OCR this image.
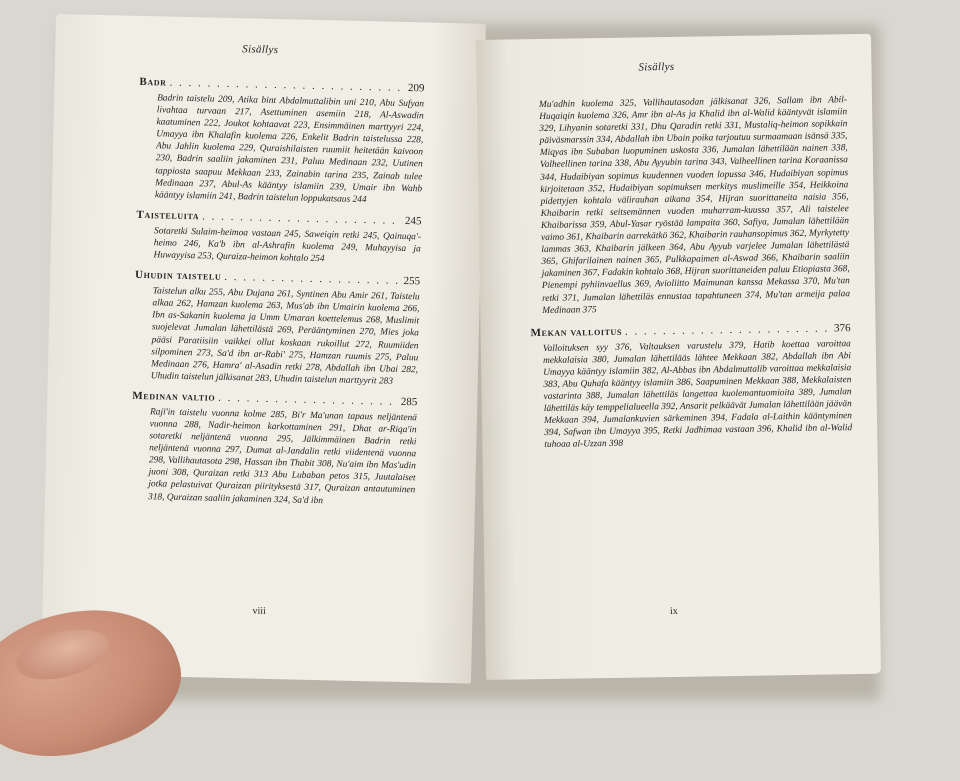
Sisällys
Badr . . .	209
Badrin taistelu 209, Atika bint Abdalmuttalibin uni 210, Abu Sufyan livahtaa turvaan 217, Asettuminen asemiin 218, Al-Aswadin kaatuminen 222, Joukot kohtaavat 223, Ensimmäinen marttyyri 224, Umayya ibn Khalafin kuolema 226, Enkelit Badrin taistelussa 228, Abu Jahlin kuolema 229, Quraishilaisten ruumiit heitetään kaivoon 230, Badrin saaliin jakaminen 231, Paluu Medinaan 232, Uutinen tappiosta saapuu Mekkaan 233, Zainabin tarina 235, Zainab tulee Medinaan 237, Abul-As kääntyy islamiin 239, Umair ibn Wahb kääntyy islamiin 241, Badrin taistelun loppukatsaus 244
Taisteluita . . .	245
Sotaretki Sulaim-heimoa vastaan 245, Saweiqin retki 245, Qainuqa'-heimo 246, Ka'b ibn al-Ashrafin kuolema 249, Muhayyisa ja Huwayyisa 253, Quraiza-heimon kohtalo 254
Uhudin taistelu . . .	255
Taistelun alku 255, Abu Dujana 261, Syntinen Abu Amir 261, Taistelu alkaa 262, Hamzan kuolema 263, Mus'ab ibn Umairin kuolema 266, Ibn as-Sakanin kuolema ja Umm Umaran koettelemus 268, Muslimit suojelevat Jumalan lähettilästä 269, Perääntyminen 270, Mies joka pääsi Paratiisiin vaikkei ollut koskaan rukoillut 272, Ruumiiden silpominen 273, Sa'd ibn ar-Rabi' 275, Hamzan ruumis 275, Paluu Medinaan 276, Hamra' al-Asadin retki 278, Abdallah ibn Ubai 282, Uhudin taistelun jälkisanat 283, Uhudin taistelun marttyyrit 283
Medinan valtio . . .	285
Rajī'in taistelu vuonna kolme 285, Bi'r Ma'unan tapaus neljäntenä vuonna 288, Nadir-heimon karkottaminen 291, Dhat ar-Riqa'in sotaretki neljäntenä vuonna 295, Jälkimmäinen Badrin retki neljäntenä vuonna 297, Dumat al-Jandalin retki viidentenä vuonna 298, Vallihautasota 298, Hassan ibn Thabit 308, Nu'aim ibn Mas'udin juoni 308, Quraizan retki 313 Abu Lubaban petos 315, Juutalaiset jotka pelastuivat Quraizan piirityksestä 317, Quraizan antautuminen 318, Quraizan saaliin jakaminen 324, Sa'd ibn
viii
Sisällys
Mu'adhin kuolema 325, Vallihautasodan jälkisanat 326, Sallam ibn Abil-Huqaiqin kuolema 326, Amr ibn al-As ja Khalid ibn al-Walid kääntyvät islamiin 329, Lihyanin sotaretki 331, Dhu Qaradin retki 331, Mustaliq-heimon sopikkain päiväsmarssin 334, Abdallah ibn Ubain poika tarjoutuu surmaamaan isänsä 335, Miqyas ibn Subaban luopuminen uskosta 336, Jumalan lähettilään nainen 338, Valheellinen tarina 338, Abu Ayyubin tarina 343, Valheellinen tarina Koraanissa 344, Hudaibiyan sopimus kuudennen vuoden lopussa 346, Hudaibiyan sopimus kirjoitetaan 352, Hudaibiyan sopimuksen merkitys muslimeille 354, Heikkoina pidettyjen kohtalo välirauhan aikana 354, Hijran suorittaneita naisia 356, Khaibarin retki seitsemännen vuoden muharram-kuussa 357, Ali taistelee Khaibarissa 359, Abul-Yasar ryöstää lampaita 360, Safiya, Jumalan lähettilään vaimo 361, Khaibarin aarrekätkö 362, Khaibarin rauhansopimus 362, Myrkytetty lammas 363, Khaibarin jälkeen 364, Abu Ayyub varjelee Jumalan lähettilästä 365, Ghifarilainen nainen 365, Pulkkapaimen al-Aswad 366, Khaibarin saaliin jakaminen 367, Fadakin kohtalo 368, Hijran suorittaneiden paluu Etiopiasta 368, Pienempi pyhiinvaellus 369, Avioliitto Maimunan kanssa Mekassa 370, Mu'tan retki 371, Jumalan lähettiläs ennustaa tapahtuneen 374, Mu'tan armeija palaa Medinaan 375
Mekan valloitus . . .	376
Valloituksen syy 376, Valtauksen varustelu 379, Hatib koettaa varoittaa mekkalaisia 380, Jumalan lähettilääs lähtee Mekkaan 382, Abdallah ibn Abi Umayya kääntyy islamiin 382, Al-Abbas ibn Abdalmuttalib varoittaa mekkalaisia 383, Abu Quhafa kääntyy islamiin 386, Saapuminen Mekkaan 388, Mekkalaisten vastarinta 388, Jumalan lähettiläs langettaa kuolemantuomioita 389, Jumalan lähettiläs käy temppelialueella 392, Ansarit pelkäävät Jumalan lähettilään jäävän Mekkaan 394, Jumalankuvien särkeminen 394, Fadala al-Laithin kääntyminen 394, Safwan ibn Umayya 395, Retki Jadhimaa vastaan 396, Khalid ibn al-Walid tuhoaa al-Uzzan 398
ix
